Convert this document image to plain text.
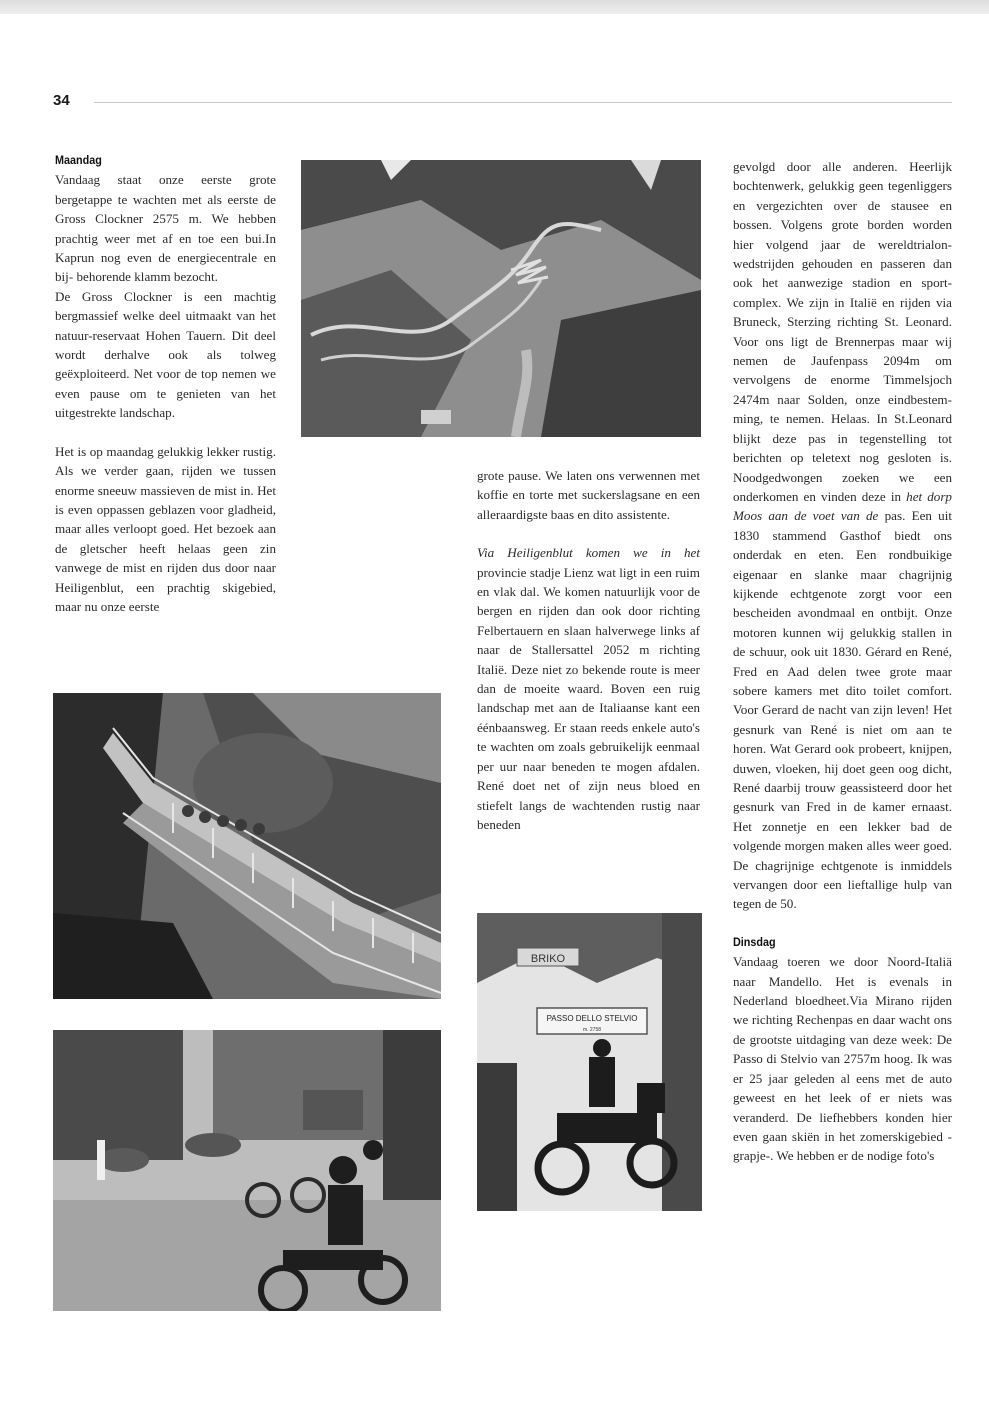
34
Maandag

Vandaag staat onze eerste grote bergetappe te wachten met als eerste de Gross Clockner 2575 m. We hebben prachtig weer met af en toe een bui.In Kaprun nog even de energiecentrale en bij- behorende klamm bezocht.

De Gross Clockner is een machtig bergmassief welke deel uitmaakt van het natuur-reservaat Hohen Tauern. Dit deel wordt derhalve ook als tolweg geëxploiteerd. Net voor de top nemen we even pause om te genieten van het uitgestrekte landschap.

Het is op maandag gelukkig lekker rustig. Als we verder gaan, rijden we tussen enorme sneeuw massieven de mist in. Het is even oppassen geblazen voor gladheid, maar alles verloopt goed. Het bezoek aan de gletscher heeft helaas geen zin vanwege de mist en rijden dus door naar Heiligenblut, een prachtig skigebied, maar nu onze eerste

grote pause. We laten ons verwennen met koffie en torte met suckerslagsane en een alleraardigste baas en dito assistente.

Via Heiligenblut komen we in het provincie stadje Lienz wat ligt in een ruim en vlak dal. We komen natuurlijk voor de bergen en rijden dan ook door richting Felbertauern en slaan halverwege links af naar de Stallersattel 2052 m richting Italië. Deze niet zo bekende route is meer dan de moeite waard. Boven een ruig landschap met aan de Italiaanse kant een éénbaansweg. Er staan reeds enkele auto's te wachten om zoals gebruikelijk eenmaal per uur naar beneden te mogen afdalen. René doet net of zijn neus bloed en stiefelt langs de wachtenden rustig naar beneden

gevolgd door alle anderen. Heerlijk bochtenwerk, gelukkig geen tegenliggers en vergezichten over de stausee en bossen. Volgens grote borden worden hier volgend jaar de wereldtrialon- wedstrijden gehouden en passeren dan ook het aanwezige stadion en sportcomplex. We zijn in Italië en rijden via Bruneck, Sterzing richting St. Leonard. Voor ons ligt de Brennerpas maar wij nemen de Jaufenpass 2094m om vervolgens de enorme Timmelsjoch 2474m naar Solden, onze eindbestemming, te nemen. Helaas. In St.Leonard blijkt deze pas in tegenstelling tot berichten op teletext nog gesloten is. Noodgedwongen zoeken we een onderkomen en vinden deze in het dorp Moos aan de voet van de pas. Een uit 1830 stammend Gasthof biedt ons onderdak en eten. Een rondbuikige eigenaar en slanke maar chagrijnig kijkende echtgenote zorgt voor een bescheiden avondmaal en ontbijt. Onze motoren kunnen wij gelukkig stallen in de schuur, ook uit 1830. Gérard en René, Fred en Aad delen twee grote maar sobere kamers met dito toilet comfort. Voor Gerard de nacht van zijn leven! Het gesnurk van René is niet om aan te horen. Wat Gerard ook probeert, knijpen, duwen, vloeken, hij doet geen oog dicht, René daarbij trouw geassisteerd door het gesnurk van Fred in de kamer ernaast. Het zonnetje en een lekker bad de volgende morgen maken alles weer goed. De chagrijnige echtgenote is inmiddels vervangen door een lieftallige hulp van tegen de 50.

Dinsdag

Vandaag toeren we door Noord-Italiä naar Mandello. Het is evenals in Nederland bloedheet.Via Mirano rijden we richting Rechenpas en daar wacht ons de grootste uitdaging van deze week: De Passo di Stelvio van 2757m hoog. Ik was er 25 jaar geleden al eens met de auto geweest en het leek of er niets was veranderd. De liefhebbers konden hier even gaan skiën in het zomerskigebied -grapje-. We hebben er de nodige foto's

BRIKO
PASSO DELLO STELVIO
m. 2758
